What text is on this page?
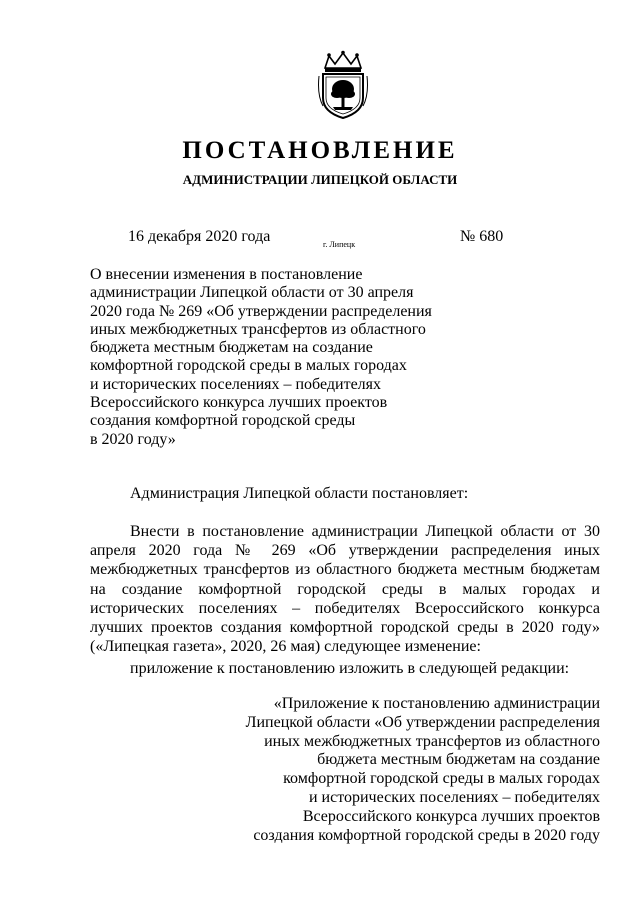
ПОСТАНОВЛЕНИЕ
АДМИНИСТРАЦИИ ЛИПЕЦКОЙ ОБЛАСТИ
16 декабря 2020 года	г. Липецк	№ 680
О внесении изменения в постановление
администрации Липецкой области от 30 апреля
2020 года № 269 «Об утверждении распределения
иных межбюджетных трансфертов из областного
бюджета местным бюджетам на создание
комфортной городской среды в малых городах
и исторических поселениях – победителях
Всероссийского конкурса лучших проектов
создания комфортной городской среды
в 2020 году»
Администрация Липецкой области постановляет:
Внести в постановление администрации Липецкой области от 30 апреля 2020 года № 269 «Об утверждении распределения иных межбюджетных трансфертов из областного бюджета местным бюджетам на создание комфортной городской среды в малых городах и исторических поселениях – победителях Всероссийского конкурса лучших проектов создания комфортной городской среды в 2020 году» («Липецкая газета», 2020, 26 мая) следующее изменение:
приложение к постановлению изложить в следующей редакции:
«Приложение к постановлению администрации
Липецкой области «Об утверждении распределения
иных межбюджетных трансфертов из областного
бюджета местным бюджетам на создание
комфортной городской среды в малых городах
и исторических поселениях – победителях
Всероссийского конкурса лучших проектов
создания комфортной городской среды в 2020 году
